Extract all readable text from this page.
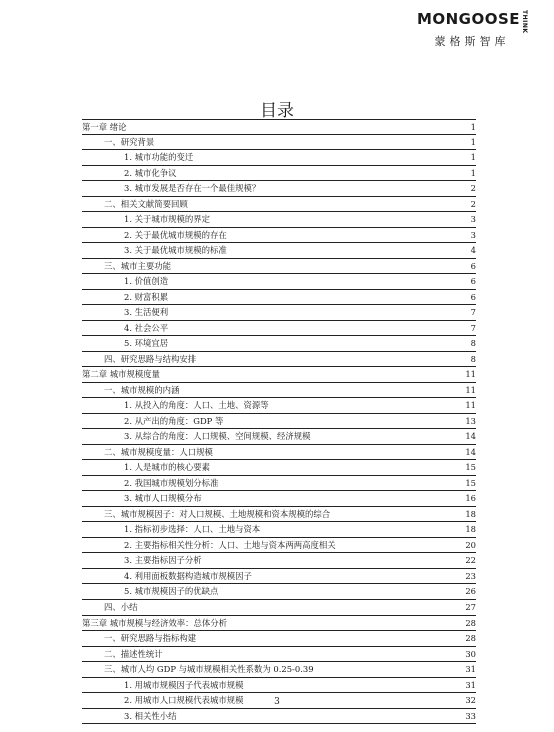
MONGOOSETHINK
蒙格斯智库
目录
第一章 绪论	1
一、研究背景	1
1. 城市功能的变迁	1
2. 城市化争议	1
3. 城市发展是否存在一个最佳规模？	2
二、相关文献简要回顾	2
1. 关于城市规模的界定	3
2. 关于最优城市规模的存在	3
3. 关于最优城市规模的标准	4
三、城市主要功能	6
1. 价值创造	6
2. 财富积累	6
3. 生活便利	7
4. 社会公平	7
5. 环境宜居	8
四、研究思路与结构安排	8
第二章 城市规模度量	11
一、城市规模的内涵	11
1. 从投入的角度：人口、土地、资源等	11
2. 从产出的角度：GDP 等	13
3. 从综合的角度：人口规模、空间规模、经济规模	14
二、城市规模度量：人口规模	14
1. 人是城市的核心要素	15
2. 我国城市规模划分标准	15
3. 城市人口规模分布	16
三、城市规模因子：对人口规模、土地规模和资本规模的综合	18
1. 指标初步选择：人口、土地与资本	18
2. 主要指标相关性分析：人口、土地与资本两两高度相关	20
3. 主要指标因子分析	22
4. 利用面板数据构造城市规模因子	23
5. 城市规模因子的优缺点	26
四、小结	27
第三章 城市规模与经济效率：总体分析	28
一、研究思路与指标构建	28
二、描述性统计	30
三、城市人均 GDP 与城市规模相关性系数为 0.25-0.39	31
1. 用城市规模因子代表城市规模	31
2. 用城市人口规模代表城市规模	32
3. 相关性小结	33
3
